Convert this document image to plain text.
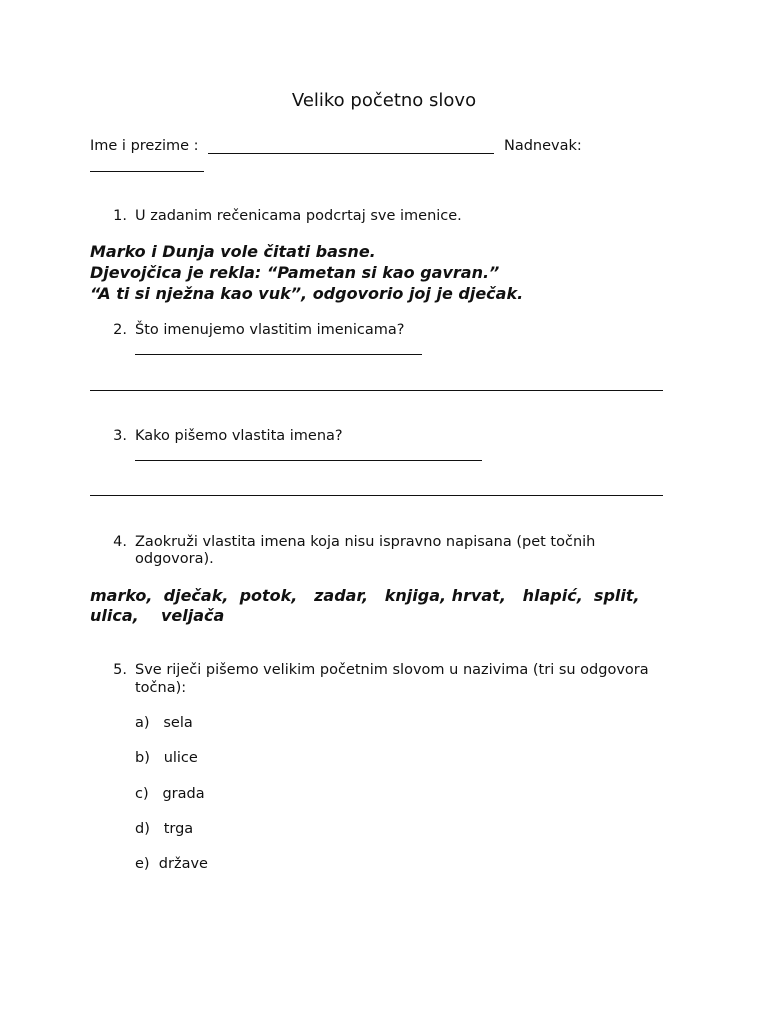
Veliko početno slovo
Ime i prezime :	Nadnevak:
1. U zadanim rečenicama podcrtaj sve imenice.
Marko i Dunja vole čitati basne.
Djevojčica je rekla: “Pametan si kao gavran.”
“A ti si nježna kao vuk”, odgovorio joj je dječak.
2. Što imenujemo vlastitim imenicama?
3. Kako pišemo vlastita imena?
4. Zaokruži vlastita imena koja nisu ispravno napisana (pet točnih
odgovora).
marko,  dječak,  potok,   zadar,   knjiga, hrvat,   hlapić,  split,
ulica,    veljača
5. Sve riječi pišemo velikim početnim slovom u nazivima (tri su odgovora
točna):
a)   sela
b)   ulice
c)   grada
d)   trga
e)  države
